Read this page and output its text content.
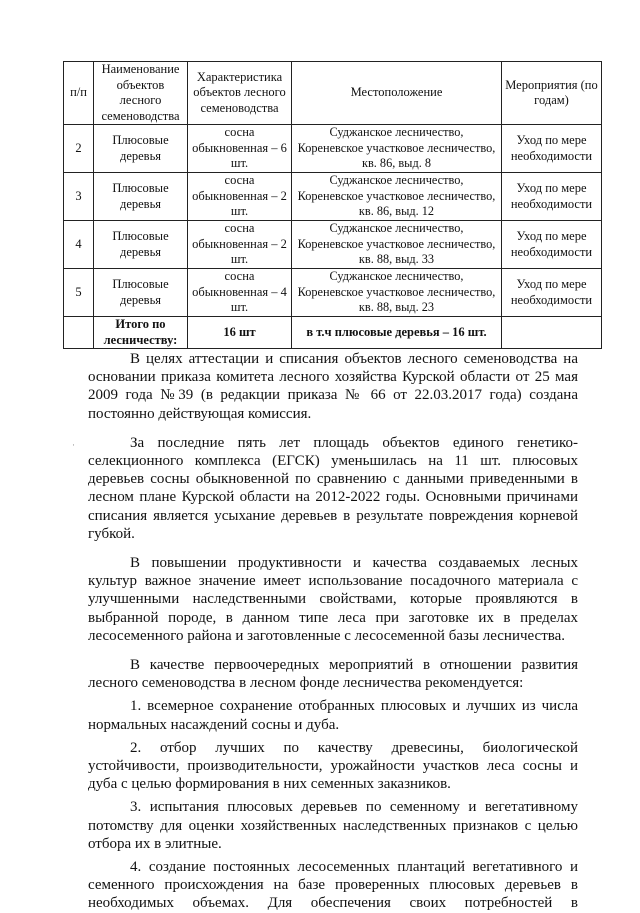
п/п	Наименование объектов лесного семеноводства	Характеристика объектов лесного семеноводства	Местоположение	Мероприятия (по годам)
2	Плюсовые деревья	сосна обыкновенная – 6 шт.	Суджанское лесничество,
Кореневское участковое лесничество,
кв. 86, выд. 8	Уход по мере необходимости
3	Плюсовые деревья	сосна обыкновенная – 2 шт.	Суджанское лесничество,
Кореневское участковое лесничество,
кв. 86, выд. 12	Уход по мере необходимости
4	Плюсовые деревья	сосна обыкновенная – 2 шт.	Суджанское лесничество,
Кореневское участковое лесничество,
кв. 88, выд. 33	Уход по мере необходимости
5	Плюсовые деревья	сосна обыкновенная – 4 шт.	Суджанское лесничество,
Кореневское участковое лесничество,
кв. 88, выд. 23	Уход по мере необходимости
	Итого по лесничеству:	16 шт	в т.ч плюсовые деревья – 16 шт.	
·

В целях аттестации и списания объектов лесного семеноводства на основании приказа комитета лесного хозяйства Курской области от 25 мая 2009 года №39 (в редакции приказа № 66 от 22.03.2017 года) создана постоянно действующая комиссия.

За последние пять лет площадь объектов единого генетико-селекционного комплекса (ЕГСК) уменьшилась на 11 шт. плюсовых деревьев сосны обыкновенной по сравнению с данными приведенными в лесном плане Курской области на 2012-2022 годы. Основными причинами списания является усыхание деревьев в результате повреждения корневой губкой.

В повышении продуктивности и качества создаваемых лесных культур важное значение имеет использование посадочного материала с улучшенными наследственными свойствами, которые проявляются в выбранной породе, в данном типе леса при заготовке их в пределах лесосеменного района и заготовленные с лесосеменной базы лесничества.

В качестве первоочередных мероприятий в отношении развития лесного семеноводства в лесном фонде лесничества рекомендуется:

1. всемерное сохранение отобранных плюсовых и лучших из числа нормальных насаждений сосны и дуба.

2. отбор лучших по качеству древесины, биологической устойчивости, производительности, урожайности участков леса сосны и дуба с целью формирования в них семенных заказников.

3. испытания плюсовых деревьев по семенному и вегетативному потомству для оценки хозяйственных наследственных признаков с целью отбора их в элитные.

4. создание постоянных лесосеменных плантаций вегетативного и семенного происхождения на базе проверенных плюсовых деревьев в необходимых объемах. Для обеспечения своих потребностей в
